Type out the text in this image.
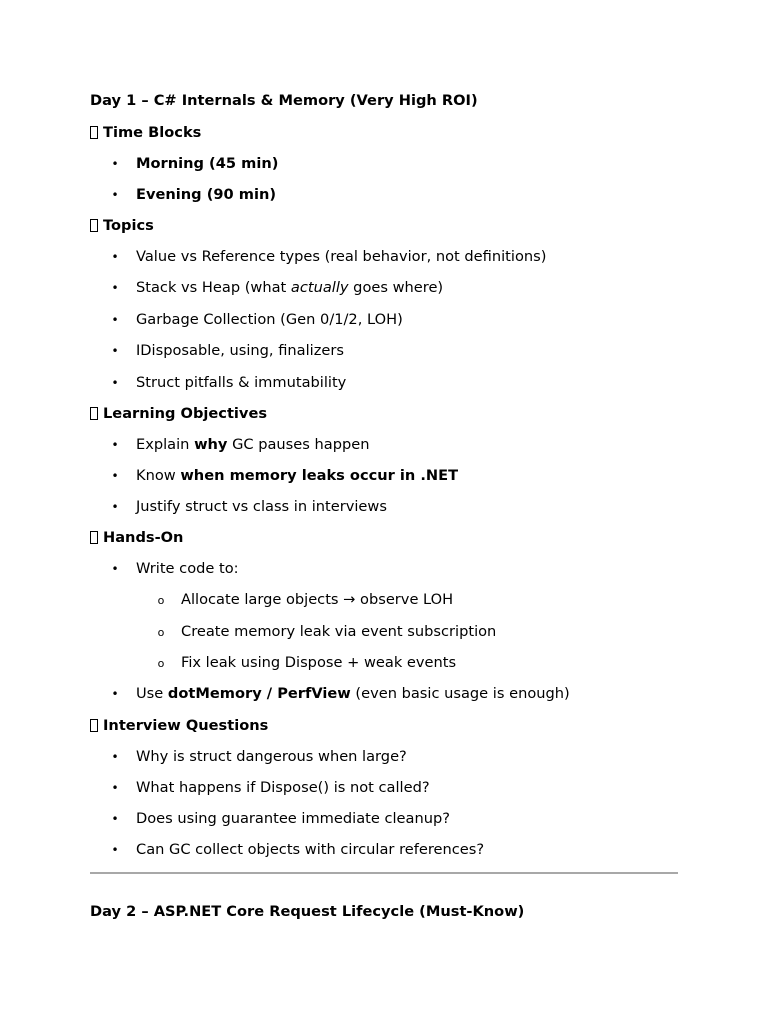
Day 1 – C# Internals & Memory (Very High ROI)
Time Blocks
• Morning (45 min)
• Evening (90 min)
Topics
• Value vs Reference types (real behavior, not definitions)
• Stack vs Heap (what actually goes where)
• Garbage Collection (Gen 0/1/2, LOH)
• IDisposable, using, finalizers
• Struct pitfalls & immutability
Learning Objectives
• Explain why GC pauses happen
• Know when memory leaks occur in .NET
• Justify struct vs class in interviews
Hands-On
• Write code to:
o Allocate large objects → observe LOH
o Create memory leak via event subscription
o Fix leak using Dispose + weak events
• Use dotMemory / PerfView (even basic usage is enough)
Interview Questions
• Why is struct dangerous when large?
• What happens if Dispose() is not called?
• Does using guarantee immediate cleanup?
• Can GC collect objects with circular references?
Day 2 – ASP.NET Core Request Lifecycle (Must-Know)
